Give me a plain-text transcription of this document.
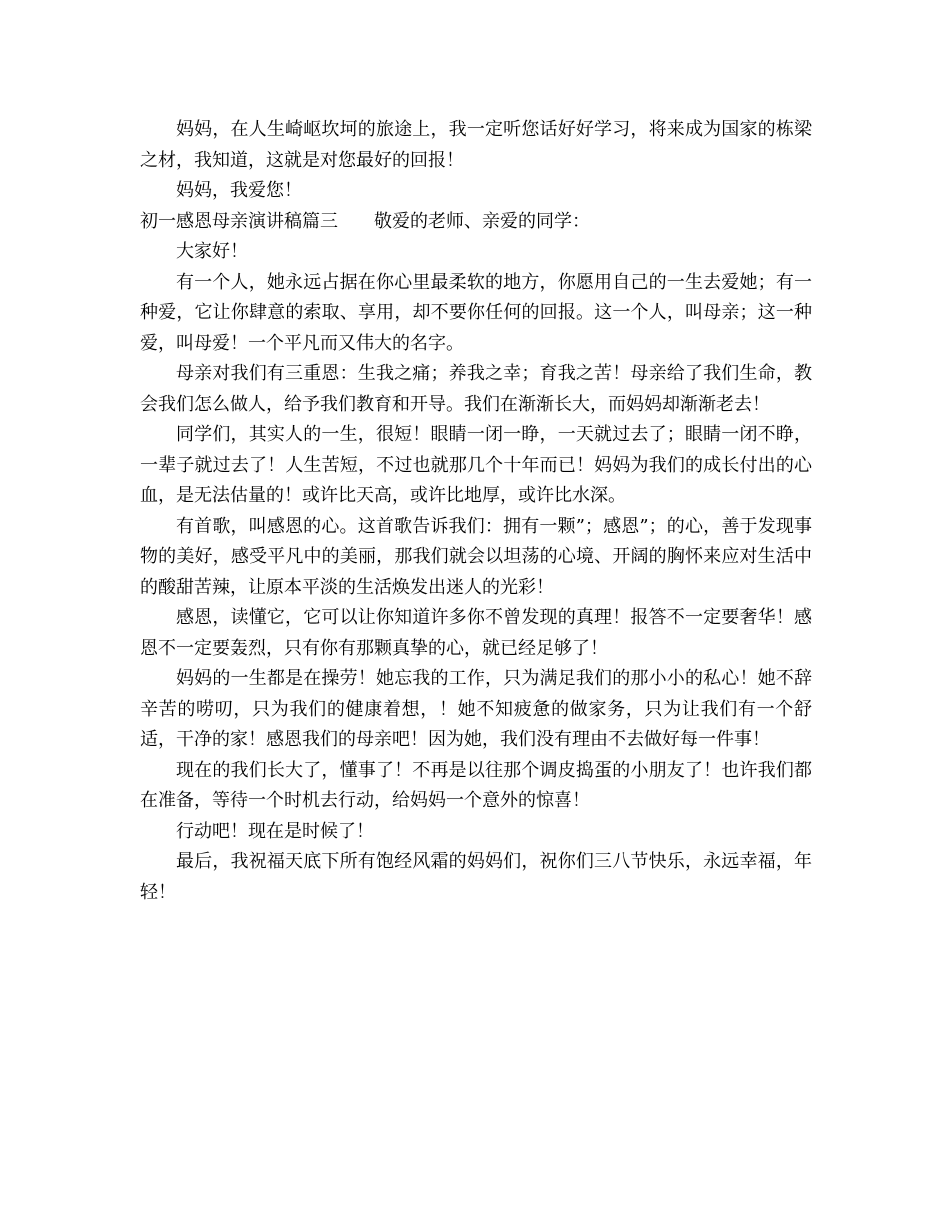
妈妈，在人生崎岖坎坷的旅途上，我一定听您话好好学习，将来成为国家的栋梁之材，我知道，这就是对您最好的回报！

妈妈，我爱您！

初一感恩母亲演讲稿篇三 敬爱的老师、亲爱的同学：

大家好！

有一个人，她永远占据在你心里最柔软的地方，你愿用自己的一生去爱她；有一种爱，它让你肆意的索取、享用，却不要你任何的回报。这一个人，叫母亲；这一种爱，叫母爱！一个平凡而又伟大的名字。

母亲对我们有三重恩：生我之痛；养我之幸；育我之苦！母亲给了我们生命，教会我们怎么做人，给予我们教育和开导。我们在渐渐长大，而妈妈却渐渐老去！

同学们，其实人的一生，很短！眼睛一闭一睁，一天就过去了；眼睛一闭不睁，一辈子就过去了！人生苦短，不过也就那几个十年而已！妈妈为我们的成长付出的心血，是无法估量的！或许比天高，或许比地厚，或许比水深。

有首歌，叫感恩的心。这首歌告诉我们：拥有一颗”；感恩”；的心，善于发现事物的美好，感受平凡中的美丽，那我们就会以坦荡的心境、开阔的胸怀来应对生活中的酸甜苦辣，让原本平淡的生活焕发出迷人的光彩！

感恩，读懂它，它可以让你知道许多你不曾发现的真理！报答不一定要奢华！感恩不一定要轰烈，只有你有那颗真挚的心，就已经足够了！

妈妈的一生都是在操劳！她忘我的工作，只为满足我们的那小小的私心！她不辞辛苦的唠叨，只为我们的健康着想，！她不知疲惫的做家务，只为让我们有一个舒适，干净的家！感恩我们的母亲吧！因为她，我们没有理由不去做好每一件事！

现在的我们长大了，懂事了！不再是以往那个调皮捣蛋的小朋友了！也许我们都在准备，等待一个时机去行动，给妈妈一个意外的惊喜！

行动吧！现在是时候了！

最后，我祝福天底下所有饱经风霜的妈妈们，祝你们三八节快乐，永远幸福，年轻！
